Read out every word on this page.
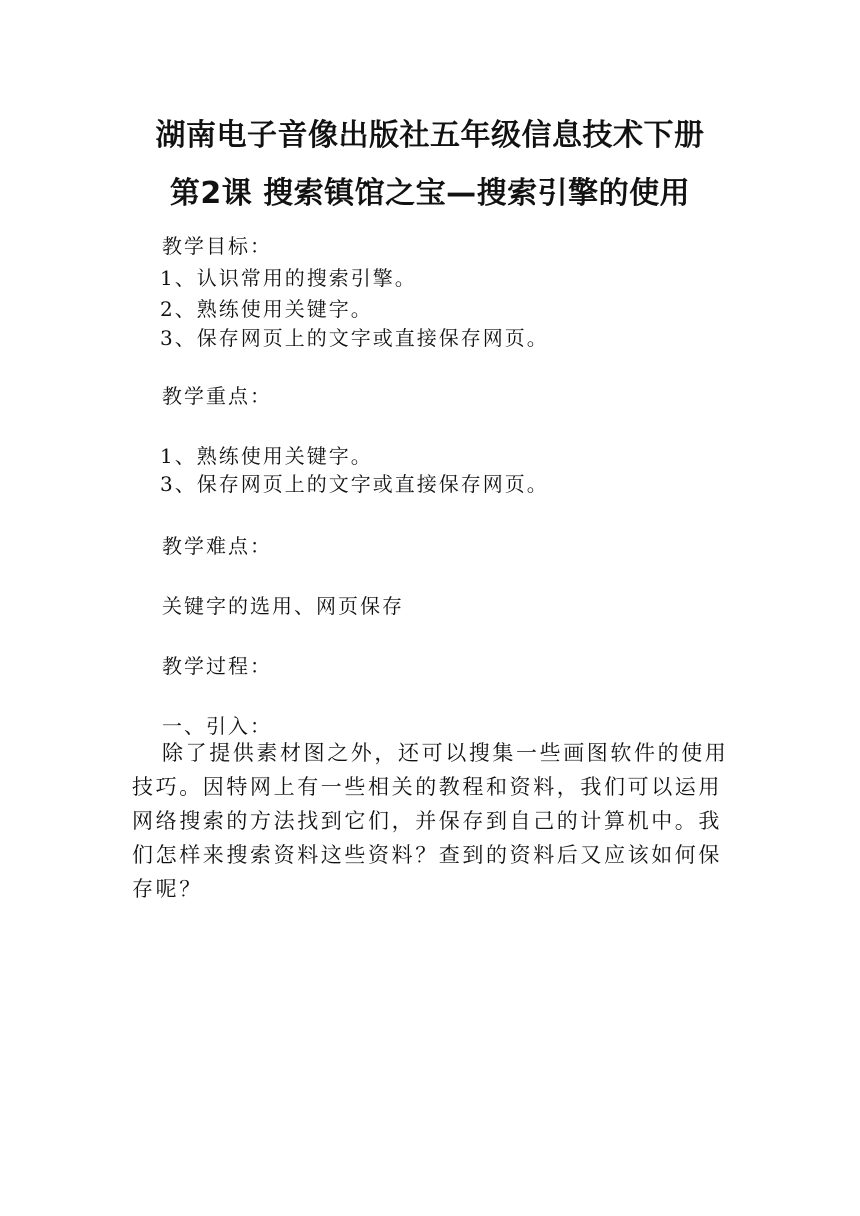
湖南电子音像出版社五年级信息技术下册
第2课 搜索镇馆之宝—搜索引擎的使用
教学目标：
1、认识常用的搜索引擎。
2、熟练使用关键字。
3、保存网页上的文字或直接保存网页。
教学重点：
1、熟练使用关键字。
3、保存网页上的文字或直接保存网页。
教学难点：
关键字的选用、网页保存
教学过程：
一、引入：
除了提供素材图之外，还可以搜集一些画图软件的使用技巧。因特网上有一些相关的教程和资料，我们可以运用网络搜索的方法找到它们，并保存到自己的计算机中。我们怎样来搜索资料这些资料？查到的资料后又应该如何保存呢？
